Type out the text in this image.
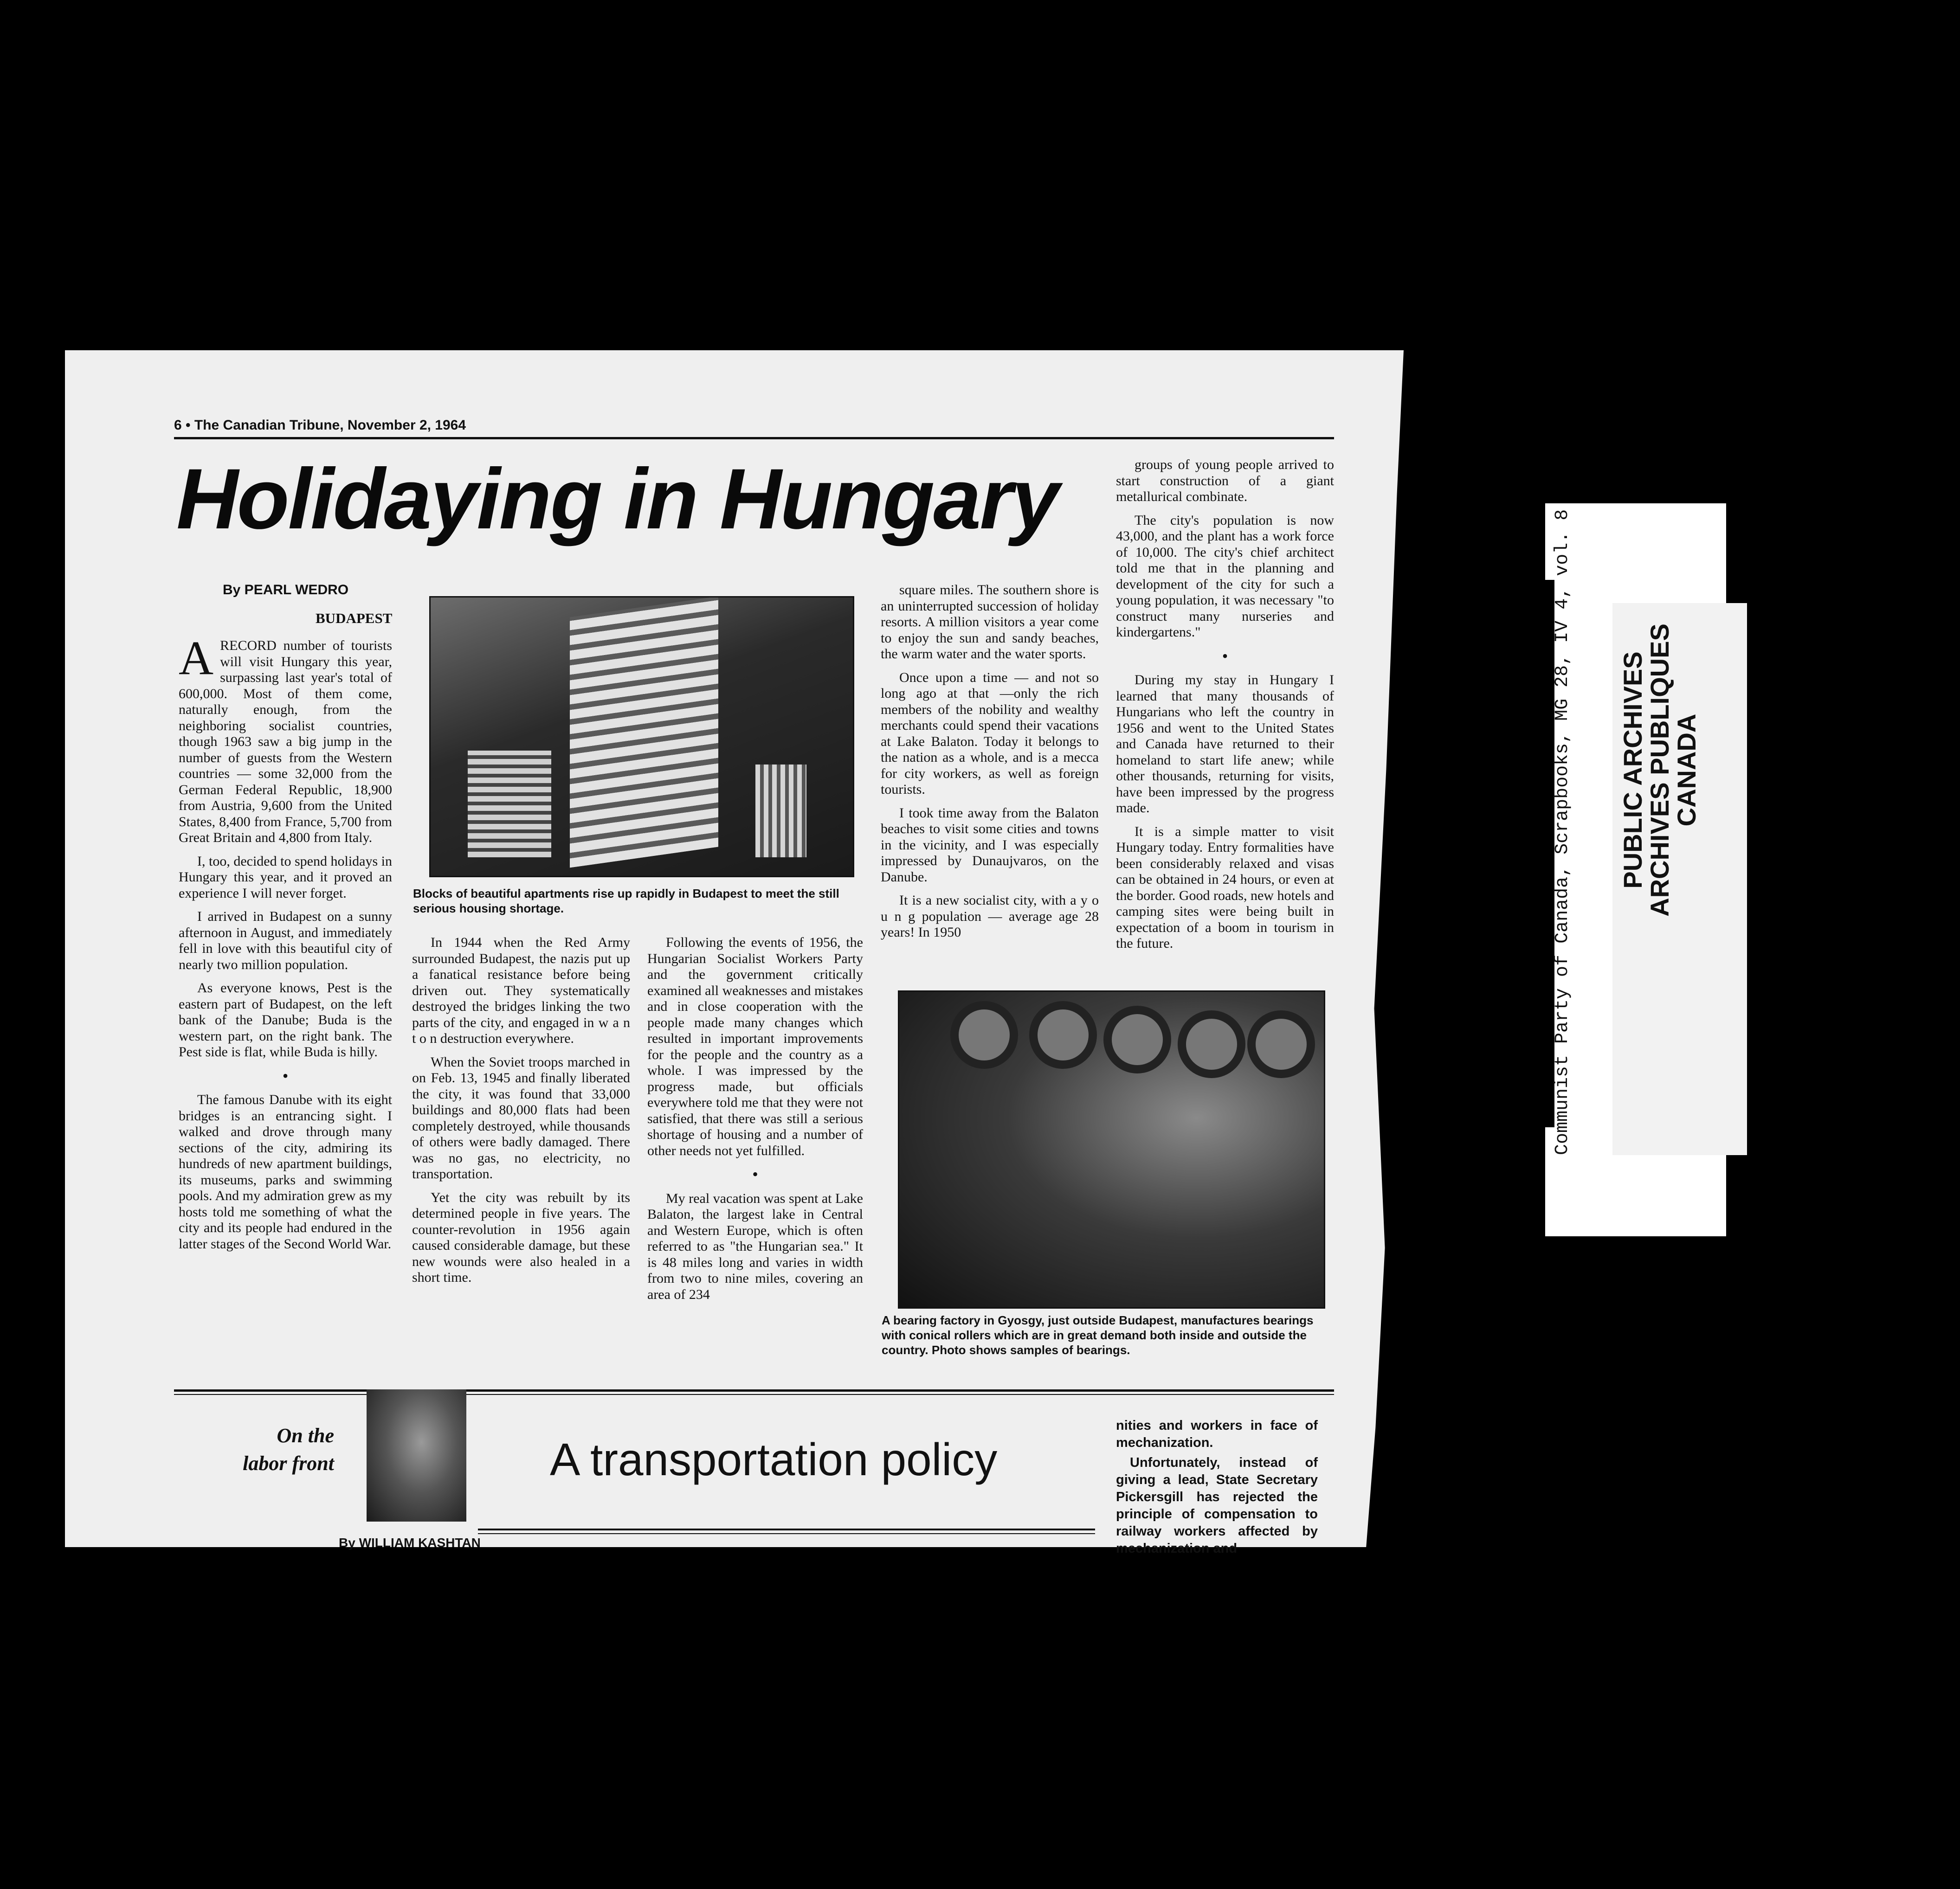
6 • The Canadian Tribune, November 2, 1964
Holidaying in Hungary
By PEARL WEDRO
BUDAPEST

ARECORD number of tourists will visit Hungary this year, surpassing last year's total of 600,000. Most of them come, naturally enough, from the neighboring socialist countries, though 1963 saw a big jump in the number of guests from the Western countries — some 32,000 from the German Federal Republic, 18,900 from Austria, 9,600 from the United States, 8,400 from France, 5,700 from Great Britain and 4,800 from Italy.

I, too, decided to spend holidays in Hungary this year, and it proved an experience I will never forget.

I arrived in Budapest on a sunny afternoon in August, and immediately fell in love with this beautiful city of nearly two million population.

As everyone knows, Pest is the eastern part of Budapest, on the left bank of the Danube; Buda is the western part, on the right bank. The Pest side is flat, while Buda is hilly.

•

The famous Danube with its eight bridges is an entrancing sight. I walked and drove through many sections of the city, admiring its hundreds of new apartment buildings, its museums, parks and swimming pools. And my admiration grew as my hosts told me something of what the city and its people had endured in the latter stages of the Second World War.

Blocks of beautiful apartments rise up rapidly in Budapest to meet the still serious housing shortage.

In 1944 when the Red Army surrounded Budapest, the nazis put up a fanatical resistance before being driven out. They systematically destroyed the bridges linking the two parts of the city, and engaged in w a n t o n destruction everywhere.

When the Soviet troops marched in on Feb. 13, 1945 and finally liberated the city, it was found that 33,000 buildings and 80,000 flats had been completely destroyed, while thousands of others were badly damaged. There was no gas, no electricity, no transportation.

Yet the city was rebuilt by its determined people in five years. The counter-revolution in 1956 again caused considerable damage, but these new wounds were also healed in a short time.

Following the events of 1956, the Hungarian Socialist Workers Party and the government critically examined all weaknesses and mistakes and in close cooperation with the people made many changes which resulted in important improvements for the people and the country as a whole. I was impressed by the progress made, but officials everywhere told me that they were not satisfied, that there was still a serious shortage of housing and a number of other needs not yet fulfilled.

•

My real vacation was spent at Lake Balaton, the largest lake in Central and Western Europe, which is often referred to as "the Hungarian sea." It is 48 miles long and varies in width from two to nine miles, covering an area of 234

square miles. The southern shore is an uninterrupted succession of holiday resorts. A million visitors a year come to enjoy the sun and sandy beaches, the warm water and the water sports.

Once upon a time — and not so long ago at that —only the rich members of the nobility and wealthy merchants could spend their vacations at Lake Balaton. Today it belongs to the nation as a whole, and is a mecca for city workers, as well as foreign tourists.

I took time away from the Balaton beaches to visit some cities and towns in the vicinity, and I was especially impressed by Dunaujvaros, on the Danube.

It is a new socialist city, with a y o u n g population — average age 28 years! In 1950

groups of young people arrived to start construction of a giant metallurical combinate.

The city's population is now 43,000, and the plant has a work force of 10,000. The city's chief architect told me that in the planning and development of the city for such a young population, it was necessary "to construct many nurseries and kindergartens."

•

During my stay in Hungary I learned that many thousands of Hungarians who left the country in 1956 and went to the United States and Canada have returned to their homeland to start life anew; while other thousands, returning for visits, have been impressed by the progress made.

It is a simple matter to visit Hungary today. Entry formalities have been considerably relaxed and visas can be obtained in 24 hours, or even at the border. Good roads, new hotels and camping sites were being built in expectation of a boom in tourism in the future.

A bearing factory in Gyosgy, just outside Budapest, manufactures bearings with conical rollers which are in great demand both inside and outside the country. Photo shows samples of bearings.
On the
labor front	A transportation policy
By WILLIAM KASHTAN

nities and workers in face of mechanization.

Unfortunately, instead of giving a lead, State Secretary Pickersgill has rejected the principle of compensation to railway workers affected by mechanization and

PUBLIC ARCHIVES
ARCHIVES PUBLIQUES
CANADA
Communist Party of Canada, Scrapbooks, MG 28, IV 4, vol. 8
